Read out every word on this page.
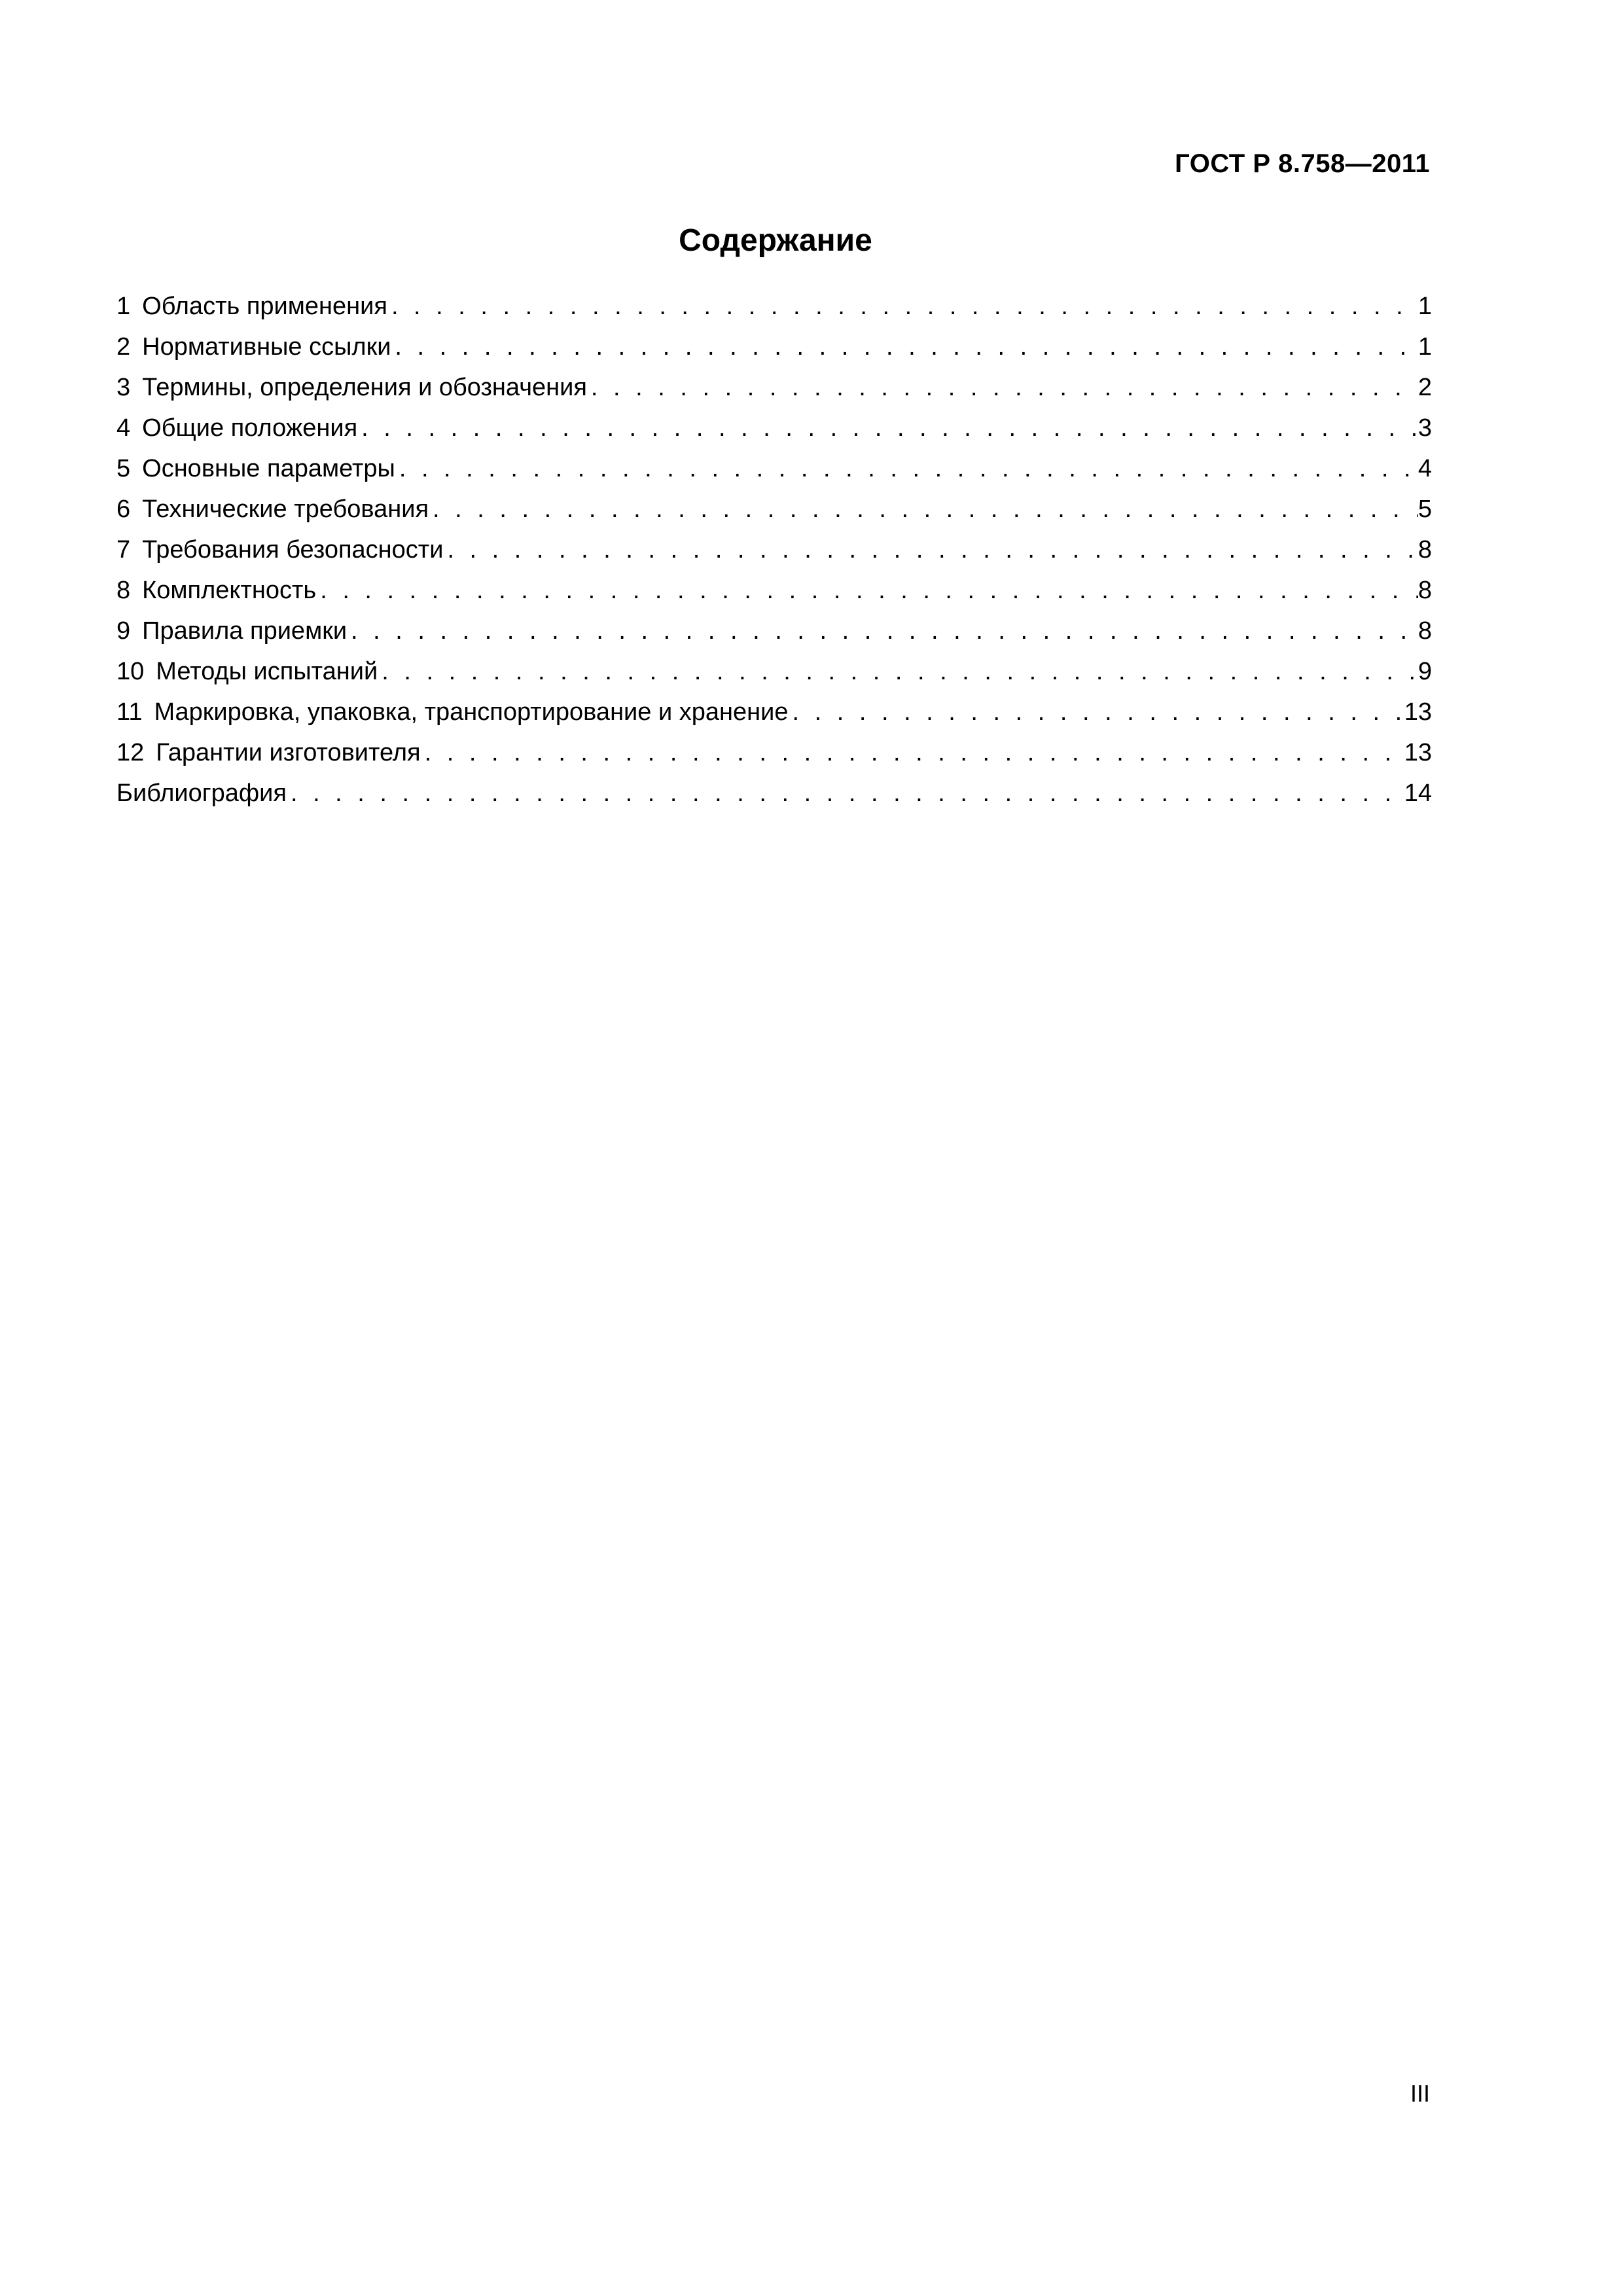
ГОСТ Р 8.758—2011
Содержание
1 Область применения . . .	1
2 Нормативные ссылки . . .	1
3 Термины, определения и обозначения . . .	2
4 Общие положения . . .	3
5 Основные параметры . . .	4
6 Технические требования . . .	5
7 Требования безопасности . . .	8
8 Комплектность . . .	8
9 Правила приемки . . .	8
10 Методы испытаний . . .	9
11 Маркировка, упаковка, транспортирование и хранение . . .	13
12 Гарантии изготовителя . . .	13
Библиография . . .	14
III
